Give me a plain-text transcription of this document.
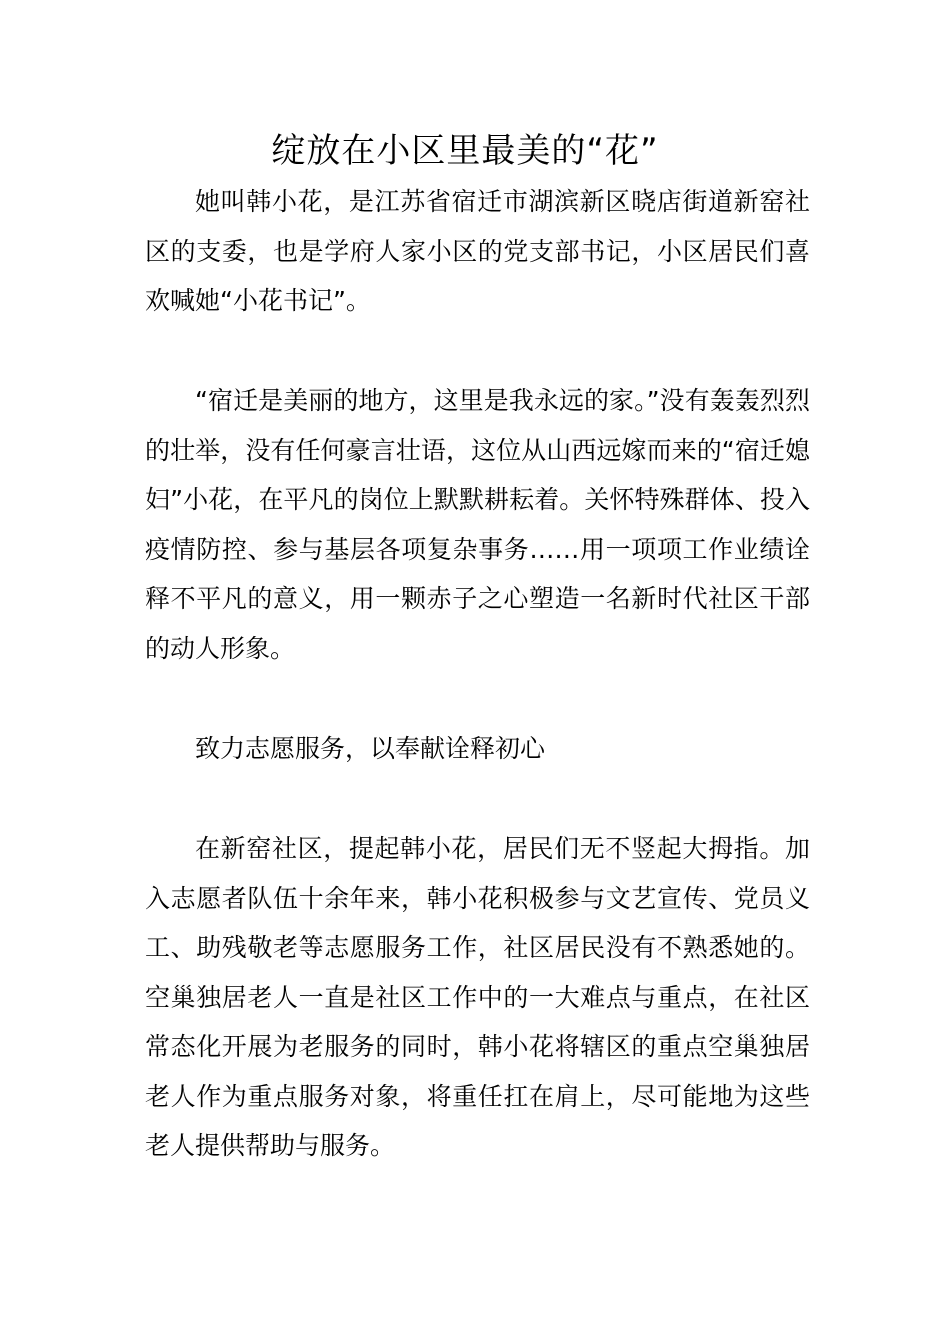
绽放在小区里最美的“花”

她叫韩小花，是江苏省宿迁市湖滨新区晓店街道新窑社区的支委，也是学府人家小区的党支部书记，小区居民们喜欢喊她“小花书记”。

“宿迁是美丽的地方，这里是我永远的家。”没有轰轰烈烈的壮举，没有任何豪言壮语，这位从山西远嫁而来的“宿迁媳妇”小花，在平凡的岗位上默默耕耘着。关怀特殊群体、投入疫情防控、参与基层各项复杂事务……用一项项工作业绩诠释不平凡的意义，用一颗赤子之心塑造一名新时代社区干部的动人形象。

致力志愿服务，以奉献诠释初心

在新窑社区，提起韩小花，居民们无不竖起大拇指。加入志愿者队伍十余年来，韩小花积极参与文艺宣传、党员义工、助残敬老等志愿服务工作，社区居民没有不熟悉她的。空巢独居老人一直是社区工作中的一大难点与重点，在社区常态化开展为老服务的同时，韩小花将辖区的重点空巢独居老人作为重点服务对象，将重任扛在肩上，尽可能地为这些老人提供帮助与服务。
